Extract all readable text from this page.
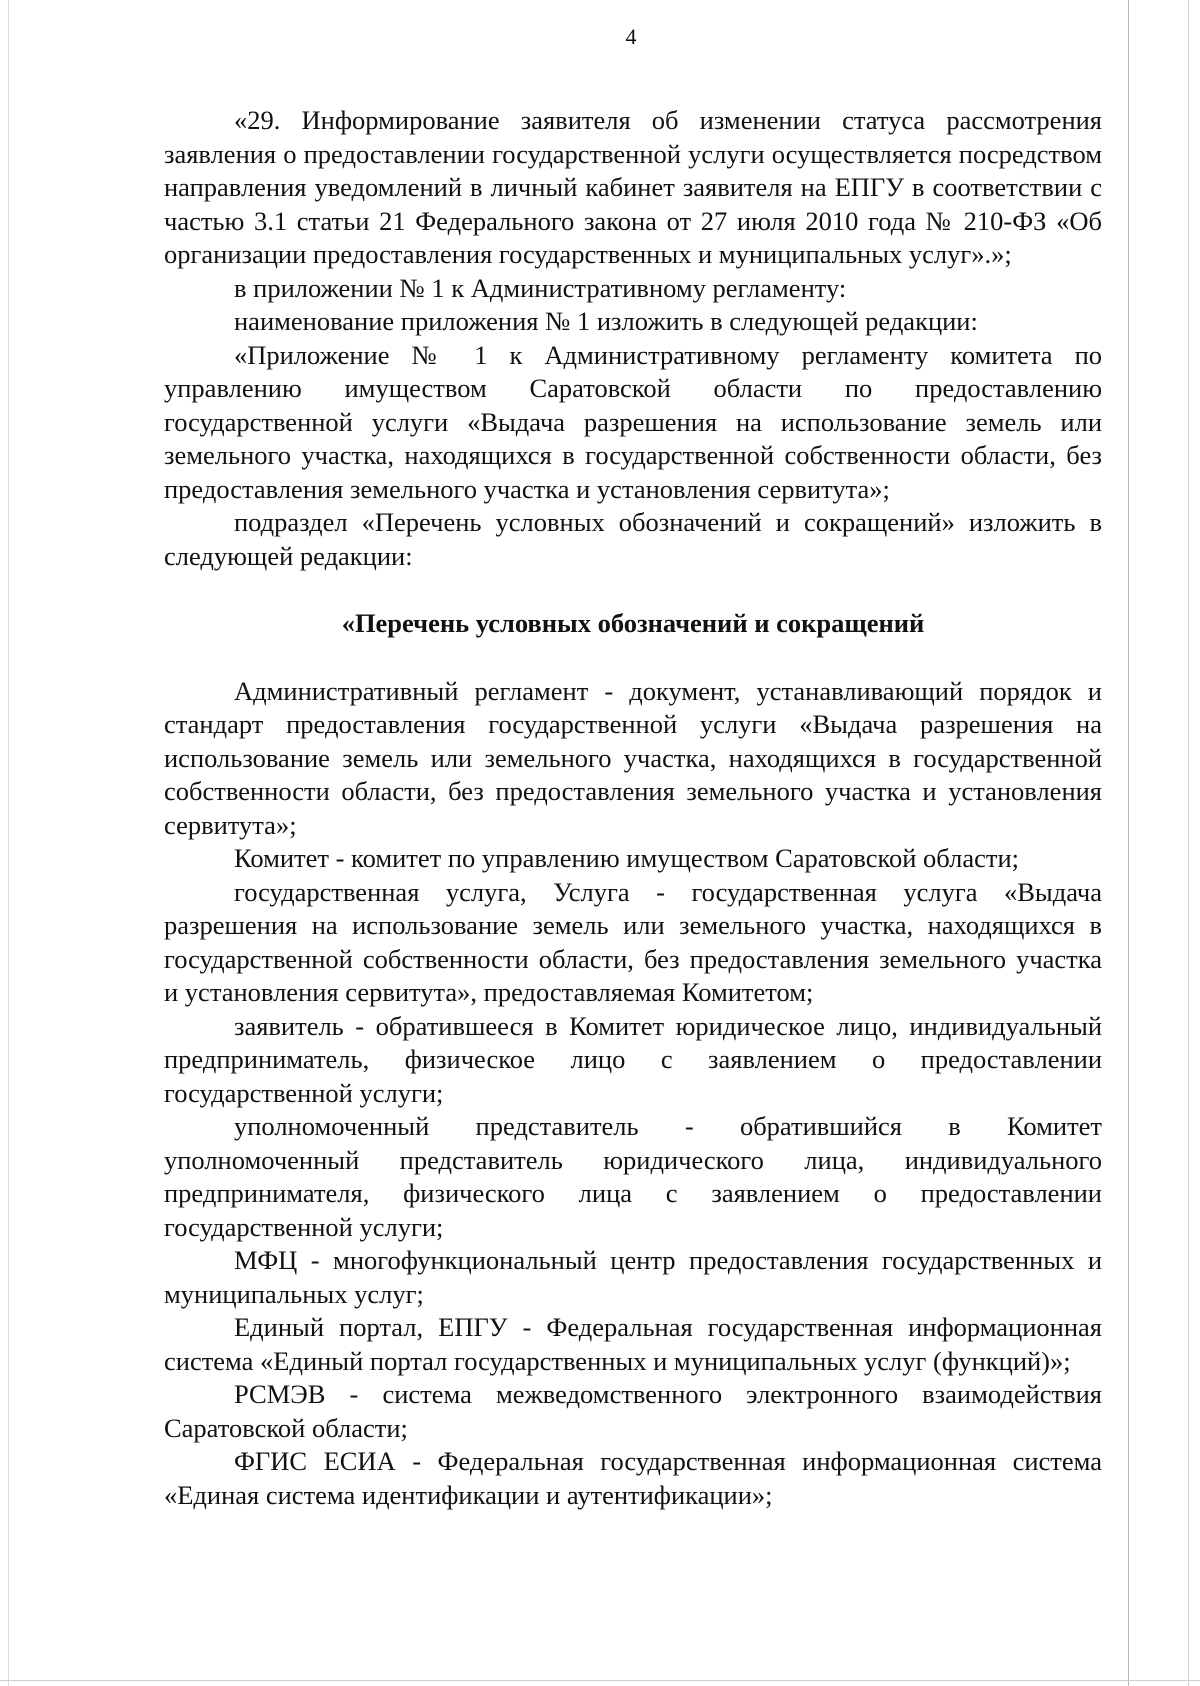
4

«29. Информирование заявителя об изменении статуса рассмотрения заявления о предоставлении государственной услуги осуществляется посредством направления уведомлений в личный кабинет заявителя на ЕПГУ в соответствии с частью 3.1 статьи 21 Федерального закона от 27 июля 2010 года № 210-ФЗ «Об организации предоставления государственных и муниципальных услуг».»;

в приложении № 1 к Административному регламенту:

наименование приложения № 1 изложить в следующей редакции:

«Приложение № 1 к Административному регламенту комитета по управлению имуществом Саратовской области по предоставлению государственной услуги «Выдача разрешения на использование земель или земельного участка, находящихся в государственной собственности области, без предоставления земельного участка и установления сервитута»;

подраздел «Перечень условных обозначений и сокращений» изложить в следующей редакции:

«Перечень условных обозначений и сокращений

Административный регламент - документ, устанавливающий порядок и стандарт предоставления государственной услуги «Выдача разрешения на использование земель или земельного участка, находящихся в государственной собственности области, без предоставления земельного участка и установления сервитута»;

Комитет - комитет по управлению имуществом Саратовской области;

государственная услуга, Услуга - государственная услуга «Выдача разрешения на использование земель или земельного участка, находящихся в государственной собственности области, без предоставления земельного участка и установления сервитута», предоставляемая Комитетом;

заявитель - обратившееся в Комитет юридическое лицо, индивидуальный предприниматель, физическое лицо с заявлением о предоставлении государственной услуги;

уполномоченный представитель - обратившийся в Комитет уполномоченный представитель юридического лица, индивидуального предпринимателя, физического лица с заявлением о предоставлении государственной услуги;

МФЦ - многофункциональный центр предоставления государственных и муниципальных услуг;

Единый портал, ЕПГУ - Федеральная государственная информационная система «Единый портал государственных и муниципальных услуг (функций)»;

РСМЭВ - система межведомственного электронного взаимодействия Саратовской области;

ФГИС ЕСИА - Федеральная государственная информационная система «Единая система идентификации и аутентификации»;
